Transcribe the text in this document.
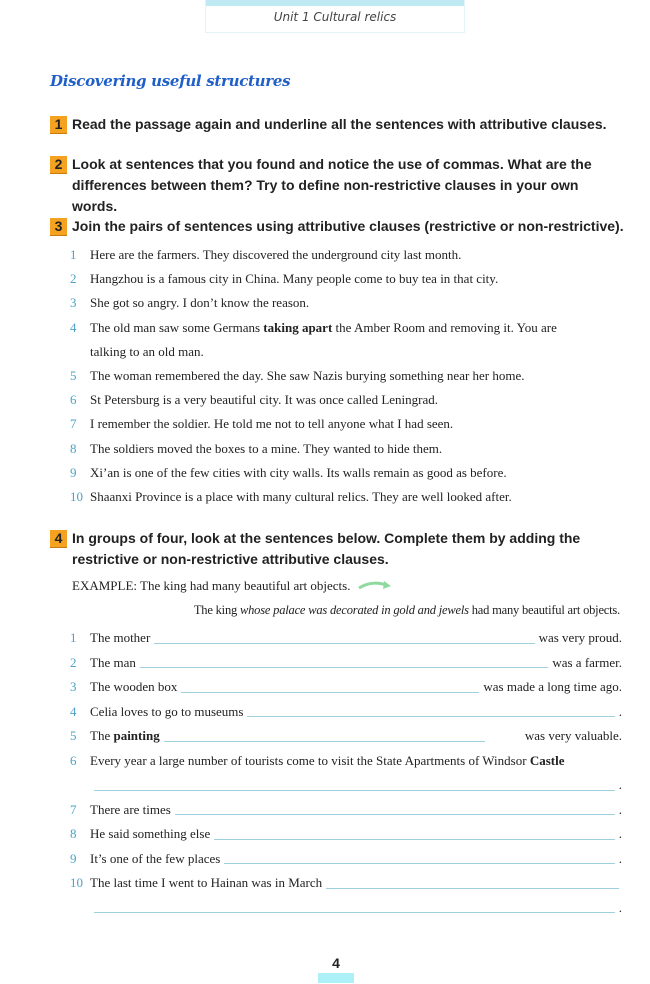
Unit 1 Cultural relics
Discovering useful structures
1 Read the passage again and underline all the sentences with attributive clauses.
2 Look at sentences that you found and notice the use of commas. What are the differences between them? Try to define non-restrictive clauses in your own words.
3 Join the pairs of sentences using attributive clauses (restrictive or non-restrictive).
1	Here are the farmers. They discovered the underground city last month.
2	Hangzhou is a famous city in China. Many people come to buy tea in that city.
3	She got so angry. I don’t know the reason.
4	The old man saw some Germans taking apart the Amber Room and removing it. You are
talking to an old man.
5	The woman remembered the day. She saw Nazis burying something near her home.
6	St Petersburg is a very beautiful city. It was once called Leningrad.
7	I remember the soldier. He told me not to tell anyone what I had seen.
8	The soldiers moved the boxes to a mine. They wanted to hide them.
9	Xi’an is one of the few cities with city walls. Its walls remain as good as before.
10 Shaanxi Province is a place with many cultural relics. They are well looked after.
4 In groups of four, look at the sentences below. Complete them by adding the restrictive or non-restrictive attributive clauses.
EXAMPLE: The king had many beautiful art objects.
The king whose palace was decorated in gold and jewels had many beautiful art objects.
1	The mother	was very proud.
2	The man	was a farmer.
3	The wooden box	was made a long time ago.
4	Celia loves to go to museums	.
5	The painting	was very valuable.
6	Every year a large number of tourists come to visit the State Apartments of Windsor Castle
.
7	There are times	.
8	He said something else	.
9	It’s one of the few places	.
10 The last time I went to Hainan was in March
.
4
